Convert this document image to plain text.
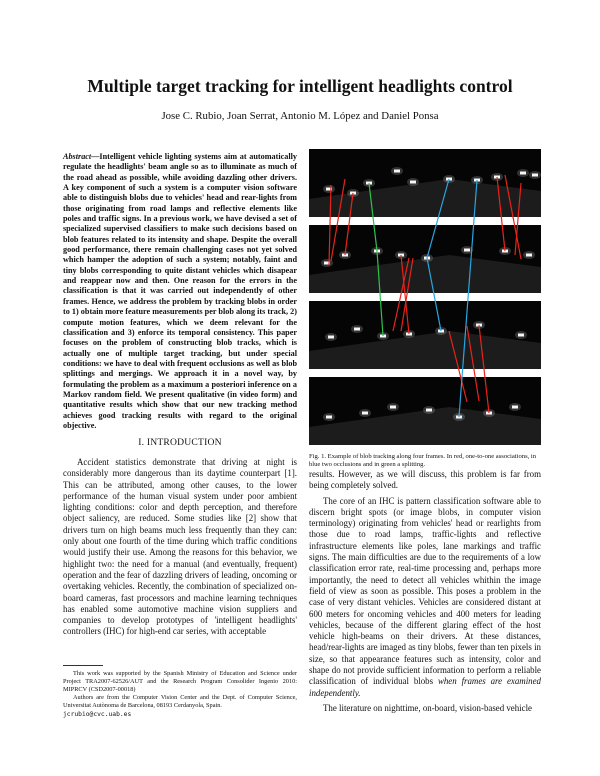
Multiple target tracking for intelligent headlights control
Jose C. Rubio, Joan Serrat, Antonio M. López and Daniel Ponsa
Abstract—Intelligent vehicle lighting systems aim at automatically regulate the headlights' beam angle so as to illuminate as much of the road ahead as possible, while avoiding dazzling other drivers. A key component of such a system is a computer vision software able to distinguish blobs due to vehicles' head and rear-lights from those originating from road lamps and reflective elements like poles and traffic signs. In a previous work, we have devised a set of specialized supervised classifiers to make such decisions based on blob features related to its intensity and shape. Despite the overall good performance, there remain challenging cases not yet solved which hamper the adoption of such a system; notably, faint and tiny blobs corresponding to quite distant vehicles which disapear and reappear now and then. One reason for the errors in the classification is that it was carried out independently of other frames. Hence, we address the problem by tracking blobs in order to 1) obtain more feature measurements per blob along its track, 2) compute motion features, which we deem relevant for the classification and 3) enforce its temporal consistency. This paper focuses on the problem of constructing blob tracks, which is actually one of multiple target tracking, but under special conditions: we have to deal with frequent occlusions as well as blob splittings and mergings. We approach it in a novel way, by formulating the problem as a maximum a posteriori inference on a Markov random field. We present qualitative (in video form) and quantitative results which show that our new tracking method achieves good tracking results with regard to the original objective.
I. INTRODUCTION

Accident statistics demonstrate that driving at night is considerably more dangerous than its daytime counterpart [1]. This can be attributed, among other causes, to the lower performance of the human visual system under poor ambient lighting conditions: color and depth perception, and therefore object saliency, are reduced. Some studies like [2] show that drivers turn on high beams much less frequently than they can: only about one fourth of the time during which traffic conditions would justify their use. Among the reasons for this behavior, we highlight two: the need for a manual (and eventually, frequent) operation and the fear of dazzling drivers of leading, oncoming or overtaking vehicles. Recently, the combination of specialized on-board cameras, fast processors and machine learning techniques has enabled some automotive machine vision suppliers and companies to develop prototypes of 'intelligent headlights' controllers (IHC) for high-end car series, with acceptable

This work was supported by the Spanish Ministry of Education and Science under Project TRA2007-62526/AUT and the Research Program Consolider Ingenio 2010: MIPRCV (CSD2007-00018)

Authors are from the Computer Vision Center and the Dept. of Computer Science, Universitat Autònoma de Barcelona, 08193 Cerdanyola, Spain.

jcrubio@cvc.uab.es

Fig. 1. Example of blob tracking along four frames. In red, one-to-one associations, in blue two occlusions and in green a splitting.

results. However, as we will discuss, this problem is far from being completely solved.

The core of an IHC is pattern classification software able to discern bright spots (or image blobs, in computer vision terminology) originating from vehicles' head or rearlights from those due to road lamps, traffic-lights and reflective infrastructure elements like poles, lane markings and traffic signs. The main difficulties are due to the requirements of a low classification error rate, real-time processing and, perhaps more importantly, the need to detect all vehicles whithin the image field of view as soon as possible. This poses a problem in the case of very distant vehicles. Vehicles are considered distant at 600 meters for oncoming vehicles and 400 meters for leading vehicles, because of the different glaring effect of the host vehicle high-beams on their drivers. At these distances, head/rear-lights are imaged as tiny blobs, fewer than ten pixels in size, so that appearance features such as intensity, color and shape do not provide sufficient information to perform a reliable classification of individual blobs when frames are examined independently.

The literature on nighttime, on-board, vision-based vehicle
